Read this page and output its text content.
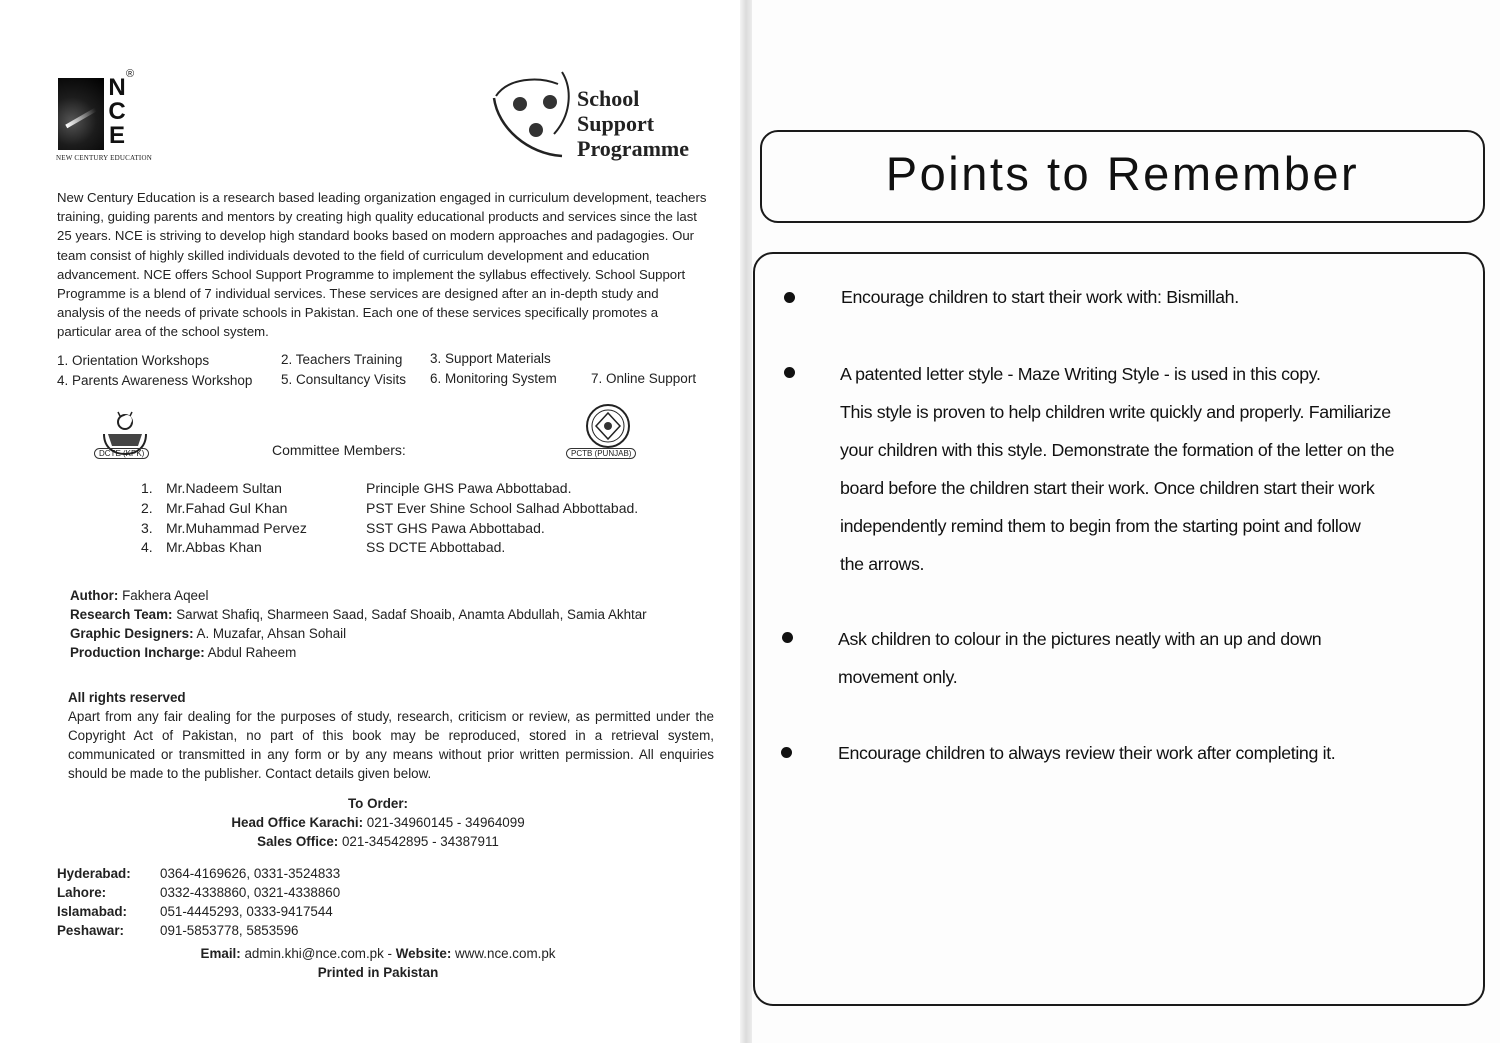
N
C
E
®
NEW CENTURY EDUCATION
School
Support
Programme
New Century Education is a research based leading organization engaged in curriculum development, teachers training, guiding parents and mentors by creating high quality educational products and services since the last 25 years. NCE is striving to develop high standard books based on modern approaches and padagogies. Our team consist of highly skilled individuals devoted to the field of curriculum development and education advancement. NCE offers School Support Programme to implement the syllabus effectively. School Support Programme is a blend of 7 individual services. These services are designed after an in-depth study and analysis of the needs of private schools in Pakistan. Each one of these services specifically promotes a particular area of the school system.
1. Orientation Workshops	2. Teachers Training 3. Support Materials
4. Parents Awareness Workshop 5. Consultancy Visits 6. Monitoring System	7. Online Support
DCTE (KPK)	Committee Members:	PCTB (PUNJAB)
1. Mr.Nadeem Sultan	Principle GHS Pawa Abbottabad.
2. Mr.Fahad Gul Khan	PST Ever Shine School Salhad Abbottabad.
3. Mr.Muhammad Pervez	SST GHS Pawa Abbottabad.
4. Mr.Abbas Khan	SS DCTE Abbottabad.
Author: Fakhera Aqeel
Research Team: Sarwat Shafiq, Sharmeen Saad, Sadaf Shoaib, Anamta Abdullah, Samia Akhtar
Graphic Designers: A. Muzafar, Ahsan Sohail
Production Incharge: Abdul Raheem
All rights reserved
Apart from any fair dealing for the purposes of study, research, criticism or review, as permitted under the Copyright Act of Pakistan, no part of this book may be reproduced, stored in a retrieval system, communicated or transmitted in any form or by any means without prior written permission. All enquiries should be made to the publisher. Contact details given below.
To Order:
Head Office Karachi: 021-34960145 - 34964099
Sales Office: 021-34542895 - 34387911
Hyderabad: 0364-4169626, 0331-3524833
Lahore:	0332-4338860, 0321-4338860
Islamabad: 051-4445293, 0333-9417544
Peshawar:	091-5853778, 5853596
Email: admin.khi@nce.com.pk - Website: www.nce.com.pk
Printed in Pakistan
Points to Remember
Encourage children to start their work with: Bismillah.
A patented letter style - Maze Writing Style - is used in this copy.
This style is proven to help children write quickly and properly. Familiarize
your children with this style. Demonstrate the formation of the letter on the
board before the children start their work. Once children start their work
independently remind them to begin from the starting point and follow
the arrows.
Ask children to colour in the pictures neatly with an up and down
movement only.
Encourage children to always review their work after completing it.
